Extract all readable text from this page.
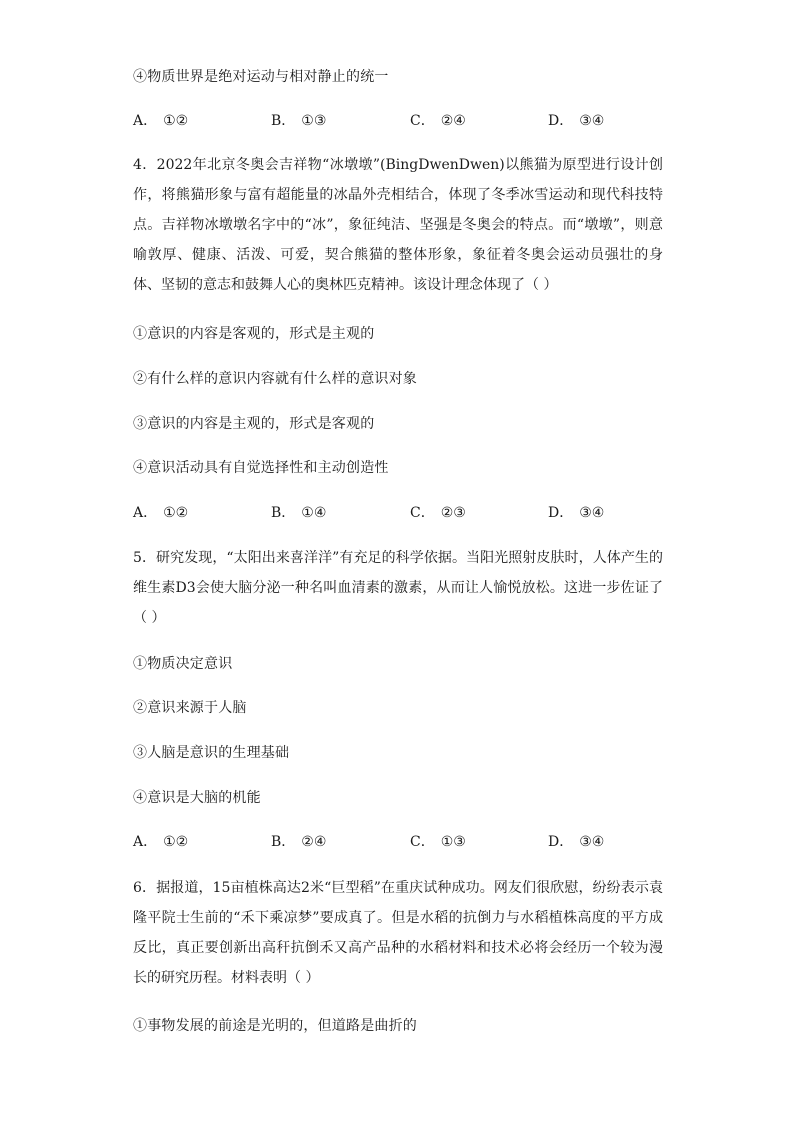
④物质世界是绝对运动与相对静止的统一
A． ①②	B． ①③	C． ②④	D． ③④
4．2022年北京冬奥会吉祥物“冰墩墩”(BingDwenDwen)以熊猫为原型进行设计创作，将熊猫形象与富有超能量的冰晶外壳相结合，体现了冬季冰雪运动和现代科技特点。吉祥物冰墩墩名字中的“冰”，象征纯洁、坚强是冬奥会的特点。而“墩墩”，则意喻敦厚、健康、活泼、可爱，契合熊猫的整体形象，象征着冬奥会运动员强壮的身体、坚韧的意志和鼓舞人心的奥林匹克精神。该设计理念体现了（ ）
①意识的内容是客观的，形式是主观的
②有什么样的意识内容就有什么样的意识对象
③意识的内容是主观的，形式是客观的
④意识活动具有自觉选择性和主动创造性
A． ①②	B． ①④	C． ②③	D． ③④
5．研究发现，“太阳出来喜洋洋”有充足的科学依据。当阳光照射皮肤时，人体产生的维生素D3会使大脑分泌一种名叫血清素的激素，从而让人愉悦放松。这进一步佐证了（ ）
①物质决定意识
②意识来源于人脑
③人脑是意识的生理基础
④意识是大脑的机能
A． ①②	B． ②④	C． ①③	D． ③④
6．据报道，15亩植株高达2米“巨型稻”在重庆试种成功。网友们很欣慰，纷纷表示袁隆平院士生前的“禾下乘凉梦”要成真了。但是水稻的抗倒力与水稻植株高度的平方成反比，真正要创新出高秆抗倒禾又高产品种的水稻材料和技术必将会经历一个较为漫长的研究历程。材料表明（ ）
①事物发展的前途是光明的，但道路是曲折的
